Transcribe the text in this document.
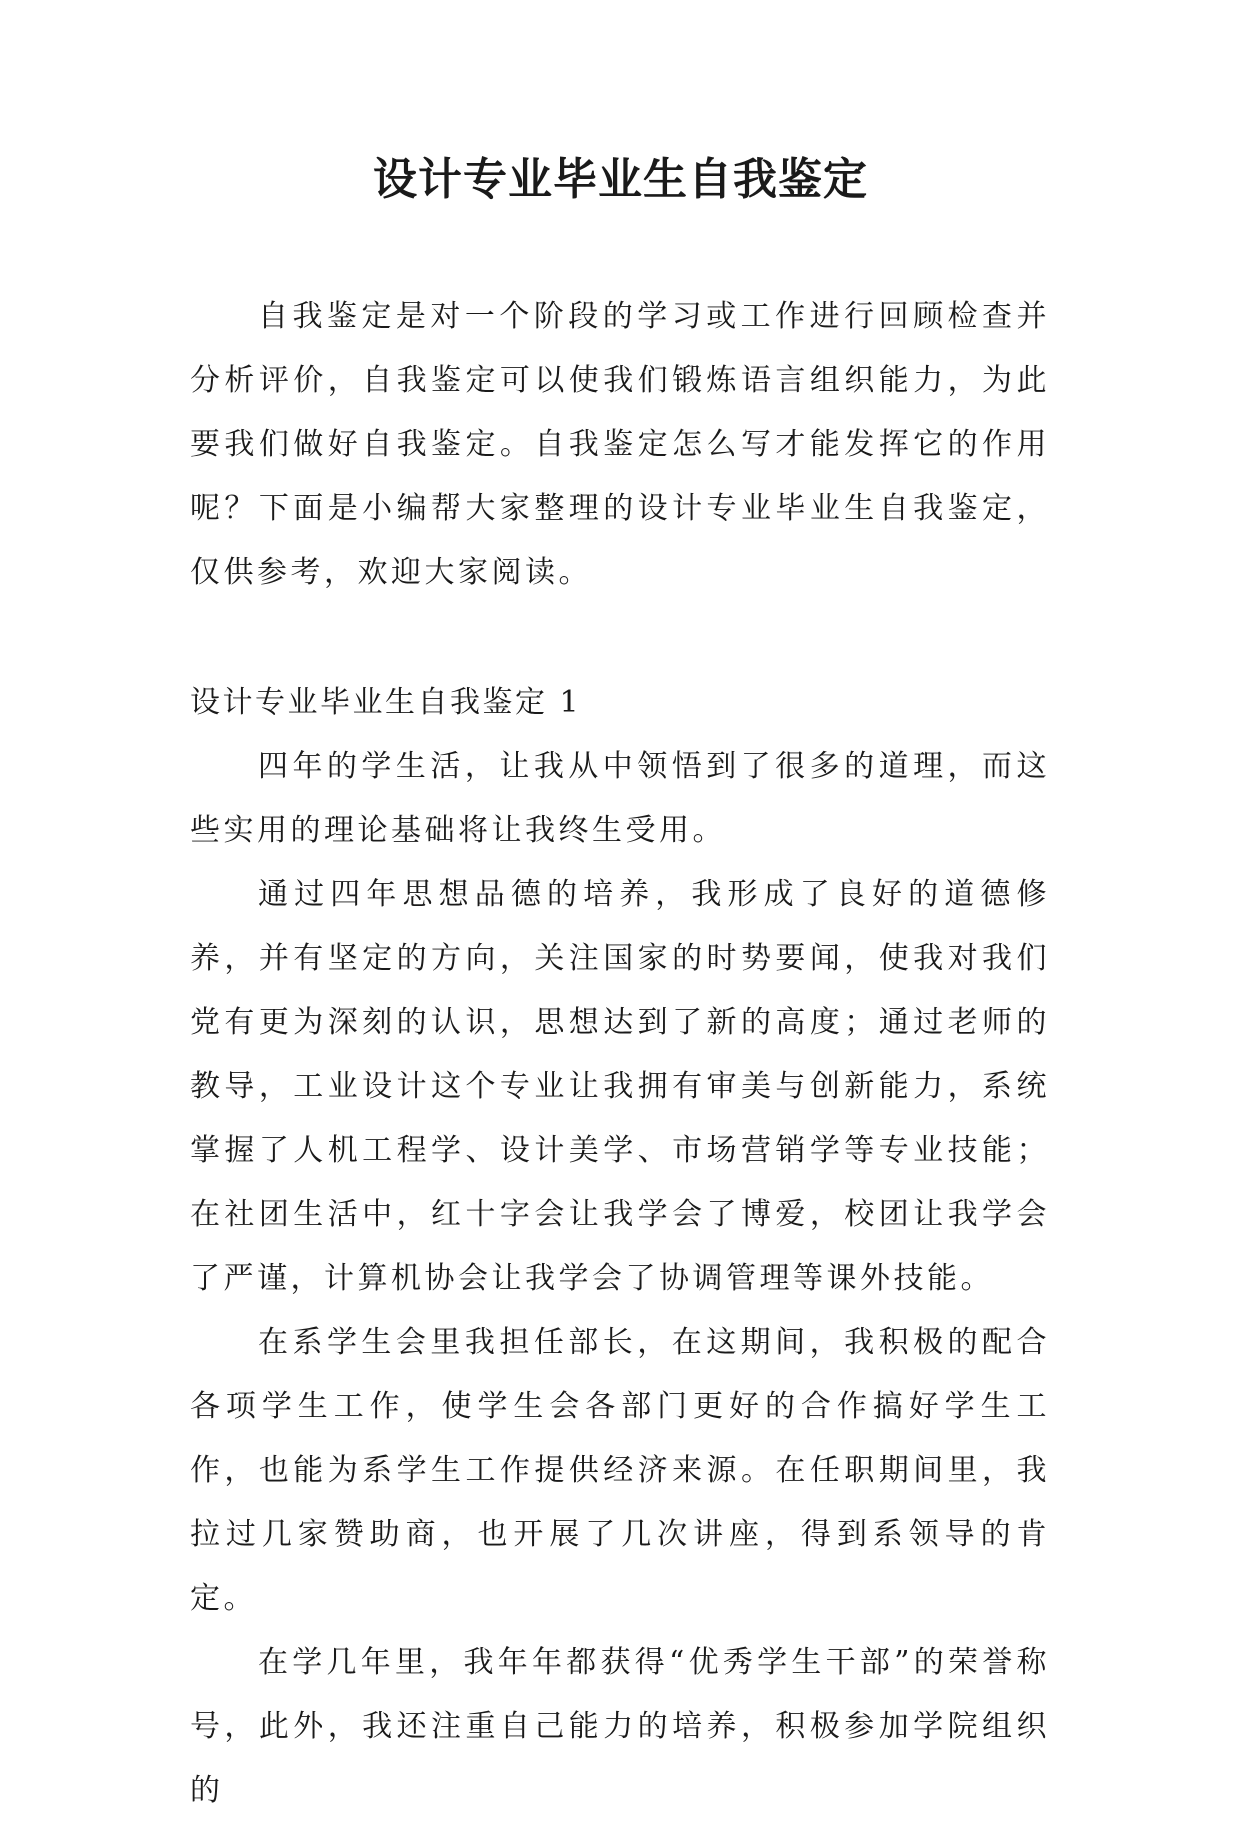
设计专业毕业生自我鉴定

自我鉴定是对一个阶段的学习或工作进行回顾检查并分析评价，自我鉴定可以使我们锻炼语言组织能力，为此要我们做好自我鉴定。自我鉴定怎么写才能发挥它的作用呢？下面是小编帮大家整理的设计专业毕业生自我鉴定，仅供参考，欢迎大家阅读。

设计专业毕业生自我鉴定 1

四年的学生活，让我从中领悟到了很多的道理，而这些实用的理论基础将让我终生受用。

通过四年思想品德的培养，我形成了良好的道德修养，并有坚定的方向，关注国家的时势要闻，使我对我们党有更为深刻的认识，思想达到了新的高度；通过老师的教导，工业设计这个专业让我拥有审美与创新能力，系统掌握了人机工程学、设计美学、市场营销学等专业技能；在社团生活中，红十字会让我学会了博爱，校团让我学会了严谨，计算机协会让我学会了协调管理等课外技能。

在系学生会里我担任部长，在这期间，我积极的配合各项学生工作，使学生会各部门更好的合作搞好学生工作，也能为系学生工作提供经济来源。在任职期间里，我拉过几家赞助商，也开展了几次讲座，得到系领导的肯定。

在学几年里，我年年都获得“优秀学生干部”的荣誉称号，此外，我还注重自己能力的培养，积极参加学院组织的
